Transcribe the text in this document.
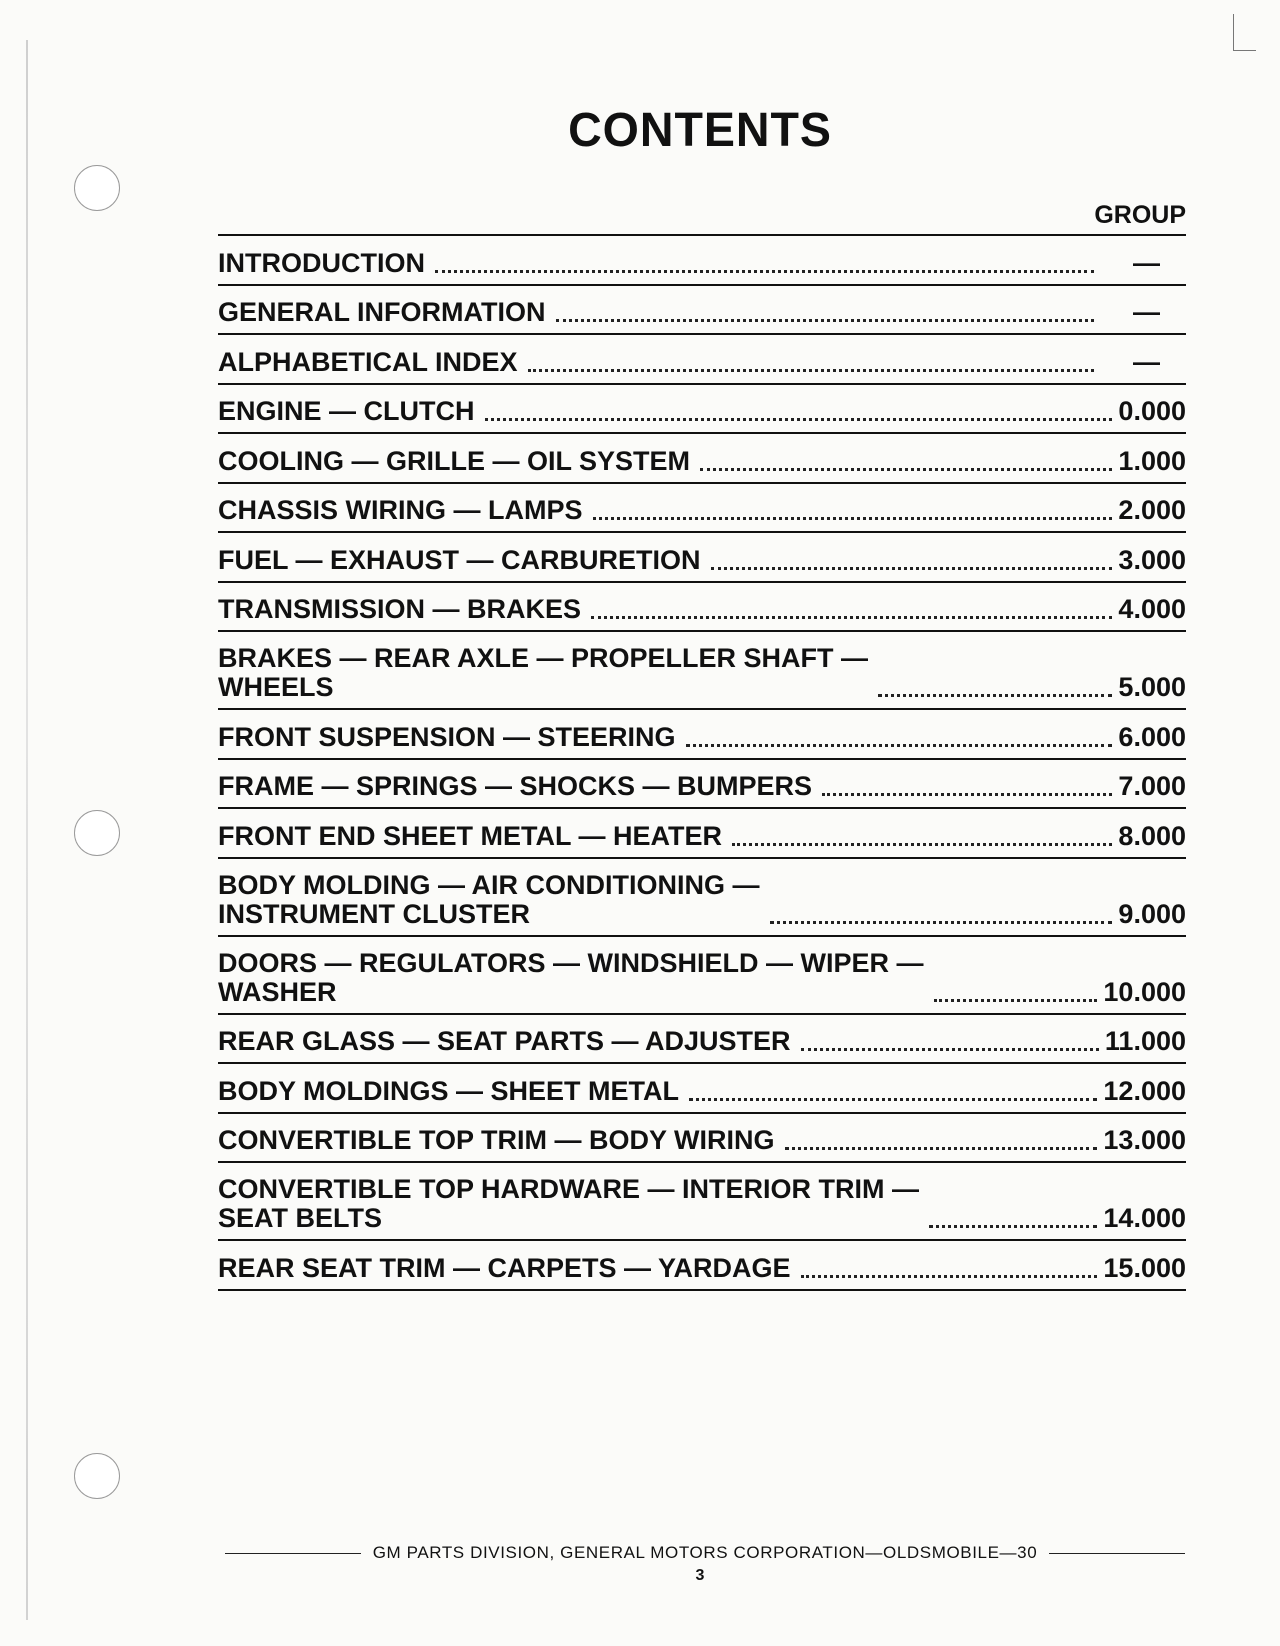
CONTENTS
GROUP
INTRODUCTION	—
GENERAL INFORMATION	—
ALPHABETICAL INDEX	—
ENGINE — CLUTCH	0.000
COOLING — GRILLE — OIL SYSTEM	1.000
CHASSIS WIRING — LAMPS	2.000
FUEL — EXHAUST — CARBURETION	3.000
TRANSMISSION — BRAKES	4.000
BRAKES — REAR AXLE — PROPELLER SHAFT —
WHEELS	5.000
FRONT SUSPENSION — STEERING	6.000
FRAME — SPRINGS — SHOCKS — BUMPERS	7.000
FRONT END SHEET METAL — HEATER	8.000
BODY MOLDING — AIR CONDITIONING —
INSTRUMENT CLUSTER	9.000
DOORS — REGULATORS — WINDSHIELD — WIPER —
WASHER	10.000
REAR GLASS — SEAT PARTS — ADJUSTER	11.000
BODY MOLDINGS — SHEET METAL	12.000
CONVERTIBLE TOP TRIM — BODY WIRING	13.000
CONVERTIBLE TOP HARDWARE — INTERIOR TRIM —
SEAT BELTS	14.000
REAR SEAT TRIM — CARPETS — YARDAGE	15.000
GM PARTS DIVISION, GENERAL MOTORS CORPORATION—OLDSMOBILE—30
3
